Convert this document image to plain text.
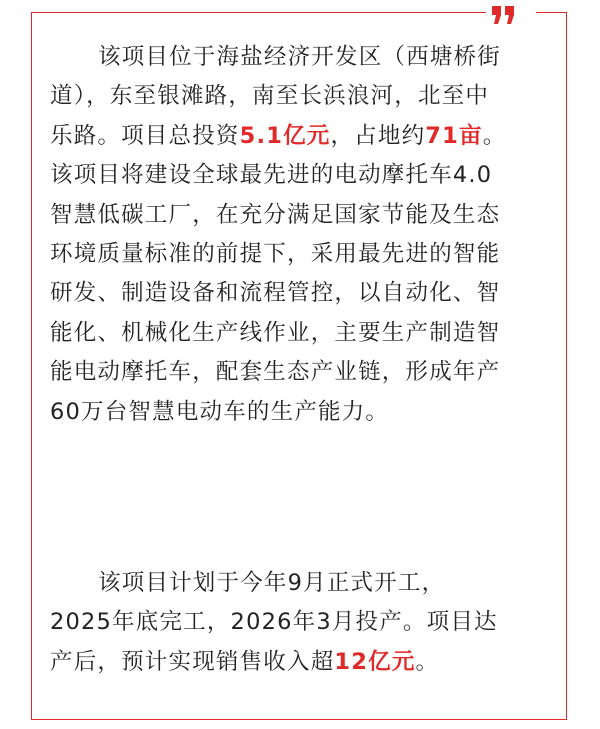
该项目位于海盐经济开发区（西塘桥街
道），东至银滩路，南至长浜浪河，北至中
乐路。项目总投资5.1亿元，占地约71亩。
该项目将建设全球最先进的电动摩托车4.0
智慧低碳工厂，在充分满足国家节能及生态
环境质量标准的前提下，采用最先进的智能
研发、制造设备和流程管控，以自动化、智
能化、机械化生产线作业，主要生产制造智
能电动摩托车，配套生态产业链，形成年产
60万台智慧电动车的生产能力。
该项目计划于今年9月正式开工，
2025年底完工，2026年3月投产。项目达
产后，预计实现销售收入超12亿元。
